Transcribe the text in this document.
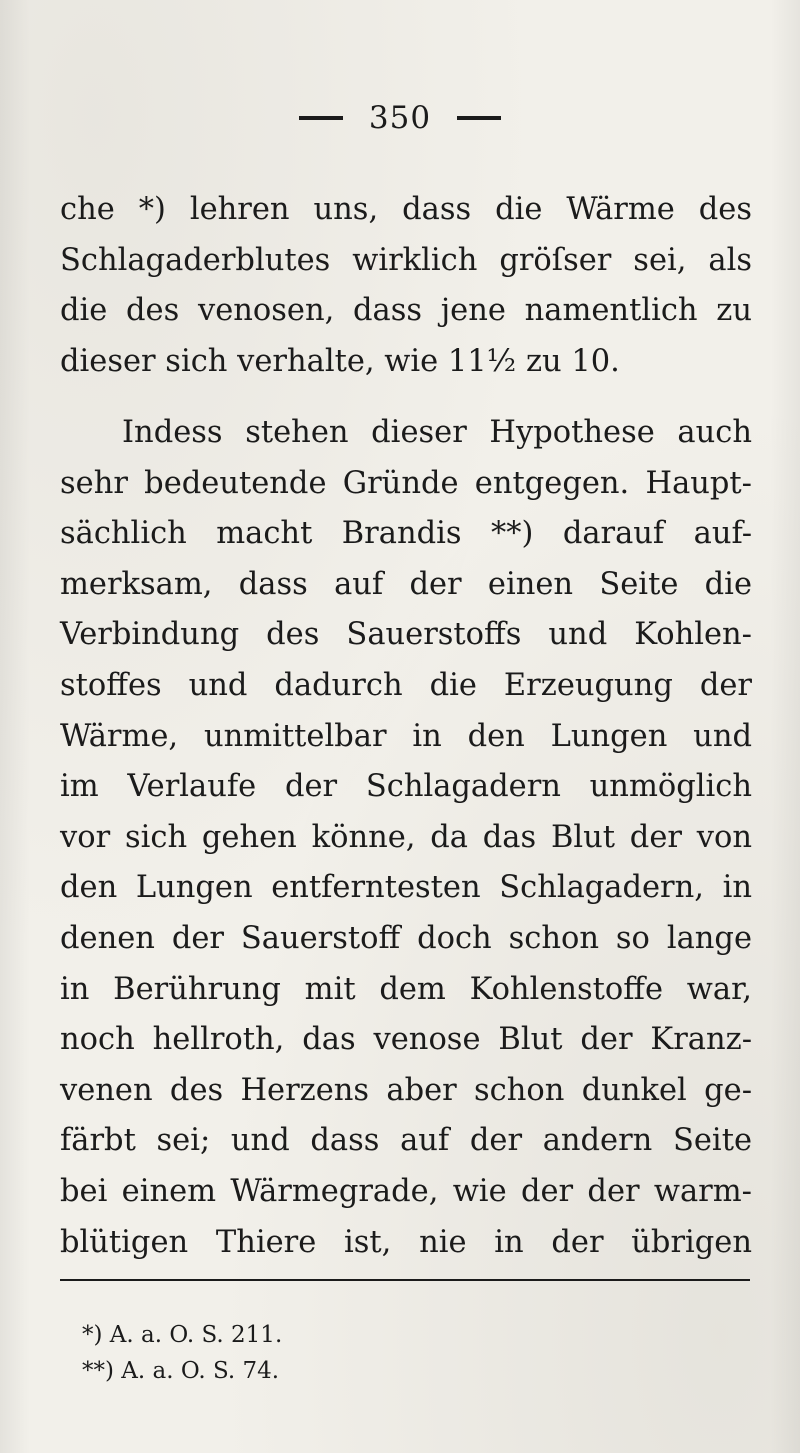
350
che *) lehren uns, dass die Wärme des
Schlagaderblutes wirklich gröſser sei, als
die des venosen, dass jene namentlich zu
dieser sich verhalte, wie 11½ zu 10.
Indess stehen dieser Hypothese auch
sehr bedeutende Gründe entgegen. Haupt-
sächlich macht Brandis **) darauf auf-
merksam, dass auf der einen Seite die
Verbindung des Sauerstoffs und Kohlen-
stoffes und dadurch die Erzeugung der
Wärme, unmittelbar in den Lungen und
im Verlaufe der Schlagadern unmöglich
vor sich gehen könne, da das Blut der von
den Lungen entferntesten Schlagadern, in
denen der Sauerstoff doch schon so lange
in Berührung mit dem Kohlenstoffe war,
noch hellroth, das venose Blut der Kranz-
venen des Herzens aber schon dunkel ge-
färbt sei; und dass auf der andern Seite
bei einem Wärmegrade, wie der der warm-
blütigen Thiere ist, nie in der übrigen
*) A. a. O. S. 211.
**) A. a. O. S. 74.
